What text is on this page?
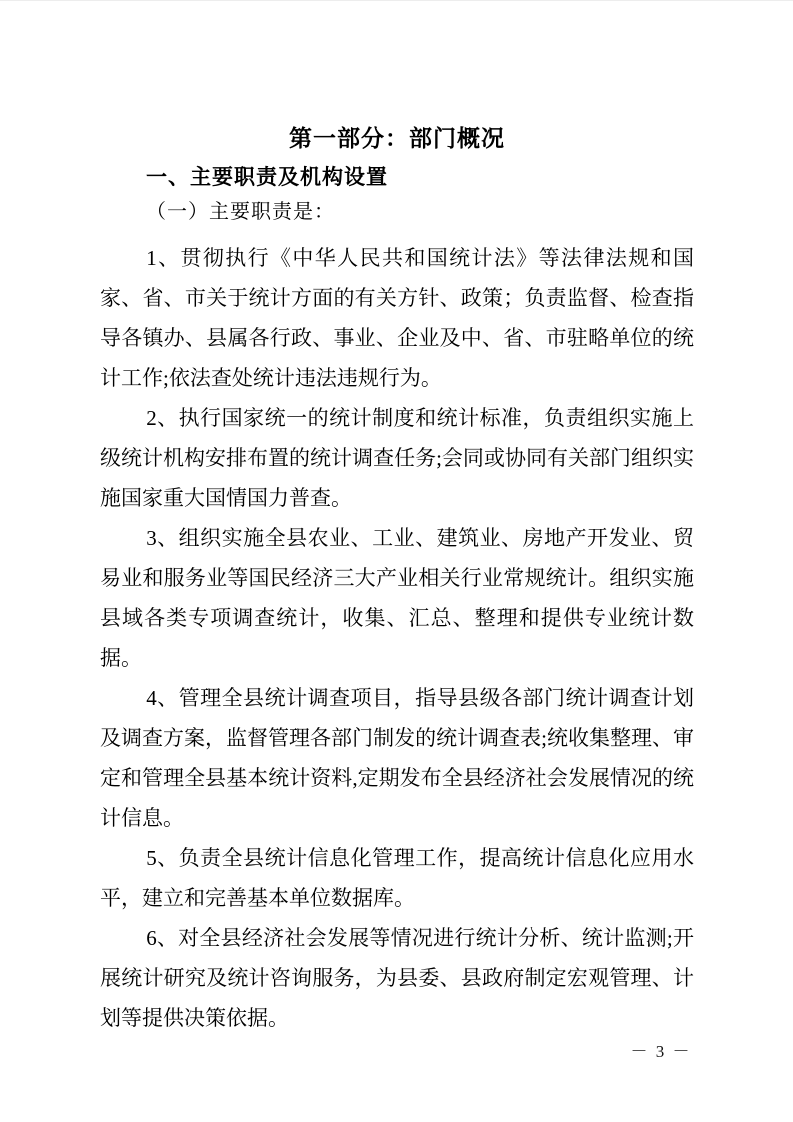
第一部分：部门概况
一、主要职责及机构设置
（一）主要职责是：

1、贯彻执行《中华人民共和国统计法》等法律法规和国家、省、市关于统计方面的有关方针、政策；负责监督、检查指导各镇办、县属各行政、事业、企业及中、省、市驻略单位的统计工作;依法查处统计违法违规行为。

2、执行国家统一的统计制度和统计标准，负责组织实施上级统计机构安排布置的统计调查任务;会同或协同有关部门组织实施国家重大国情国力普查。

3、组织实施全县农业、工业、建筑业、房地产开发业、贸易业和服务业等国民经济三大产业相关行业常规统计。组织实施县域各类专项调查统计，收集、汇总、整理和提供专业统计数据。

4、管理全县统计调查项目，指导县级各部门统计调查计划及调查方案，监督管理各部门制发的统计调查表;统收集整理、审定和管理全县基本统计资料,定期发布全县经济社会发展情况的统计信息。

5、负责全县统计信息化管理工作，提高统计信息化应用水平，建立和完善基本单位数据库。

6、对全县经济社会发展等情况进行统计分析、统计监测;开展统计研究及统计咨询服务，为县委、县政府制定宏观管理、计划等提供决策依据。

－ 3 －
